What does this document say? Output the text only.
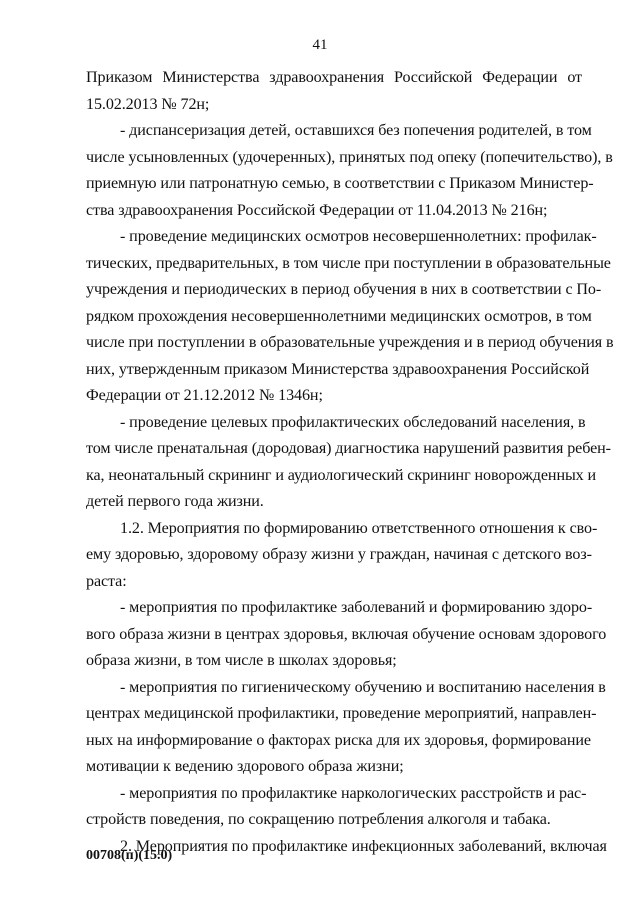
41
Приказом Министерства здравоохранения Российской Федерации от
15.02.2013 № 72н;
- диспансеризация детей, оставшихся без попечения родителей, в том
числе усыновленных (удочеренных), принятых под опеку (попечительство), в
приемную или патронатную семью, в соответствии с Приказом Министер-
ства здравоохранения Российской Федерации от 11.04.2013 № 216н;
- проведение медицинских осмотров несовершеннолетних: профилак-
тических, предварительных, в том числе при поступлении в образовательные
учреждения и периодических в период обучения в них в соответствии с По-
рядком прохождения несовершеннолетними медицинских осмотров, в том
числе при поступлении в образовательные учреждения и в период обучения в
них, утвержденным приказом Министерства здравоохранения Российской
Федерации от 21.12.2012 № 1346н;
- проведение целевых профилактических обследований населения, в
том числе пренатальная (дородовая) диагностика нарушений развития ребен-
ка, неонатальный скрининг и аудиологический скрининг новорожденных и
детей первого года жизни.
1.2. Мероприятия по формированию ответственного отношения к сво-
ему здоровью, здоровому образу жизни у граждан, начиная с детского воз-
раста:
- мероприятия по профилактике заболеваний и формированию здоро-
вого образа жизни в центрах здоровья, включая обучение основам здорового
образа жизни, в том числе в школах здоровья;
- мероприятия по гигиеническому обучению и воспитанию населения в
центрах медицинской профилактики, проведение мероприятий, направлен-
ных на информирование о факторах риска для их здоровья, формирование
мотивации к ведению здорового образа жизни;
- мероприятия по профилактике наркологических расстройств и рас-
стройств поведения, по сокращению потребления алкоголя и табака.
2. Мероприятия по профилактике инфекционных заболеваний, включая
00708(п)(15.0)
